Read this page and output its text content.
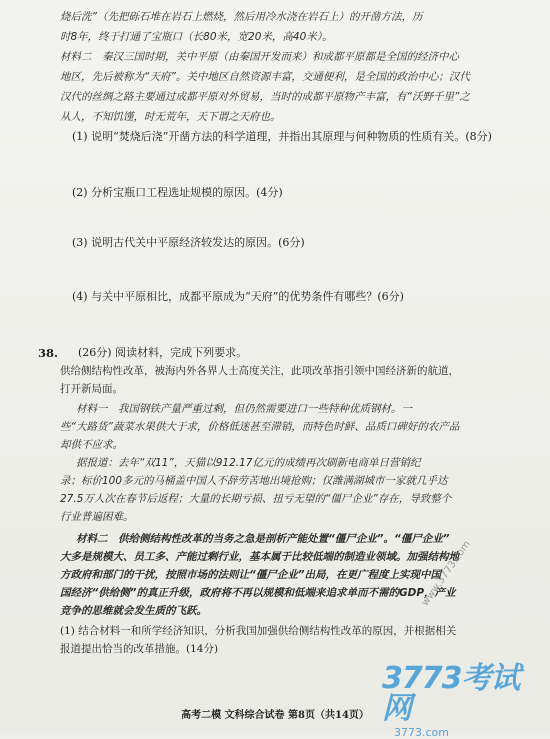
烧后洗”（先把砾石堆在岩石上燃烧，然后用冷水浇在岩石上）的开凿方法，历
时8年，终于打通了宝瓶口（长80米，宽20米，高40米）。
材料二　秦汉三国时期，关中平原（由秦国开发而来）和成都平原都是全国的经济中心
地区，先后被称为“天府”。关中地区自然资源丰富，交通便利，是全国的政治中心；汉代
汉代的丝绸之路主要通过成都平原对外贸易，当时的成都平原物产丰富，有“沃野千里”之
从人，不知饥馑，时无荒年，天下谓之天府也。
(1) 说明“焚烧后浇”开凿方法的科学道理，并指出其原理与何种物质的性质有关。(8分)
(2) 分析宝瓶口工程选址规模的原因。(4分)
(3) 说明古代关中平原经济较发达的原因。(6分)
(4) 与关中平原相比，成都平原成为“天府”的优势条件有哪些？(6分)
38. (26分) 阅读材料，完成下列要求。
供给侧结构性改革，被海内外各界人士高度关注，此项改革指引领中国经济新的航道，
打开新局面。
材料一　我国钢铁产量严重过剩，但仍然需要进口一些特种优质钢材。一
些“大路货”蔬菜水果供大于求，价格低迷甚至滞销，而特色时鲜、品质口碑好的农产品
却供不应求。
据报道：去年“双11”，天猫以912.17亿元的成绩再次刷新电商单日营销纪
录；标价100多元的马桶盖中国人不辞劳苦地出境抢购；仅潍满湖城市一家就几乎达
27.5万人次在春节后返程；大量的长期亏损、扭亏无望的“僵尸企业”存在，导致整个
行业普遍困难。
材料二　供给侧结构性改革的当务之急是剖析产能处置“僵尸企业”。“僵尸企业”
大多是规模大、员工多、产能过剩行业，基本属于比较低端的制造业领域。加强结构地
方政府和部门的干扰，按照市场的法则让“僵尸企业”出局，在更广程度上实现中国
国经济“供给侧”的真正升级，政府将不再以规模和低端来追求单而不需的GDP，产业
竞争的思维就会发生质的飞跃。
(1) 结合材料一和所学经济知识，分析我国加强供给侧结构性改革的原因，并根据相关
报道提出恰当的改革措施。(14分)
www.3773.com
3773考试网
3773.com
高考二模 文科综合试卷 第8页（共14页）
